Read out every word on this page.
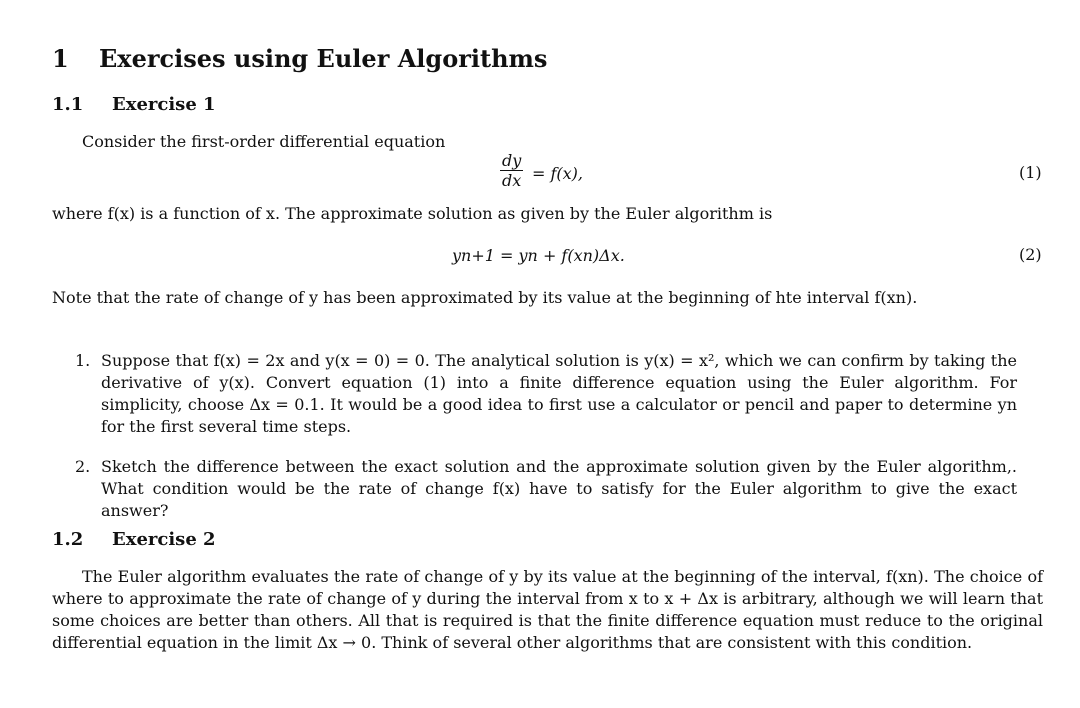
1 Exercises using Euler Algorithms
1.1 Exercise 1
Consider the first-order differential equation
$\frac{dy}{dx} = f(x)$,	(1)
where f(x) is a function of x. The approximate solution as given by the Euler algorithm is
yn+1 = yn + f(xn)Δx.	(2)
Note that the rate of change of y has been approximated by its value at the beginning of hte interval f(xn).
1. Suppose that f(x) = 2x and y(x = 0) = 0. The analytical solution is y(x) = x², which we can confirm by taking the derivative of y(x). Convert equation (1) into a finite difference equation using the Euler algorithm. For simplicity, choose Δx = 0.1. It would be a good idea to first use a calculator or pencil and paper to determine yn for the first several time steps.
2. Sketch the difference between the exact solution and the approximate solution given by the Euler algorithm,. What condition would be the rate of change f(x) have to satisfy for the Euler algorithm to give the exact answer?
1.2 Exercise 2
The Euler algorithm evaluates the rate of change of y by its value at the beginning of the interval, f(xn). The choice of where to approximate the rate of change of y during the interval from x to x + Δx is arbitrary, although we will learn that some choices are better than others. All that is required is that the finite difference equation must reduce to the original differential equation in the limit Δx → 0. Think of several other algorithms that are consistent with this condition.
